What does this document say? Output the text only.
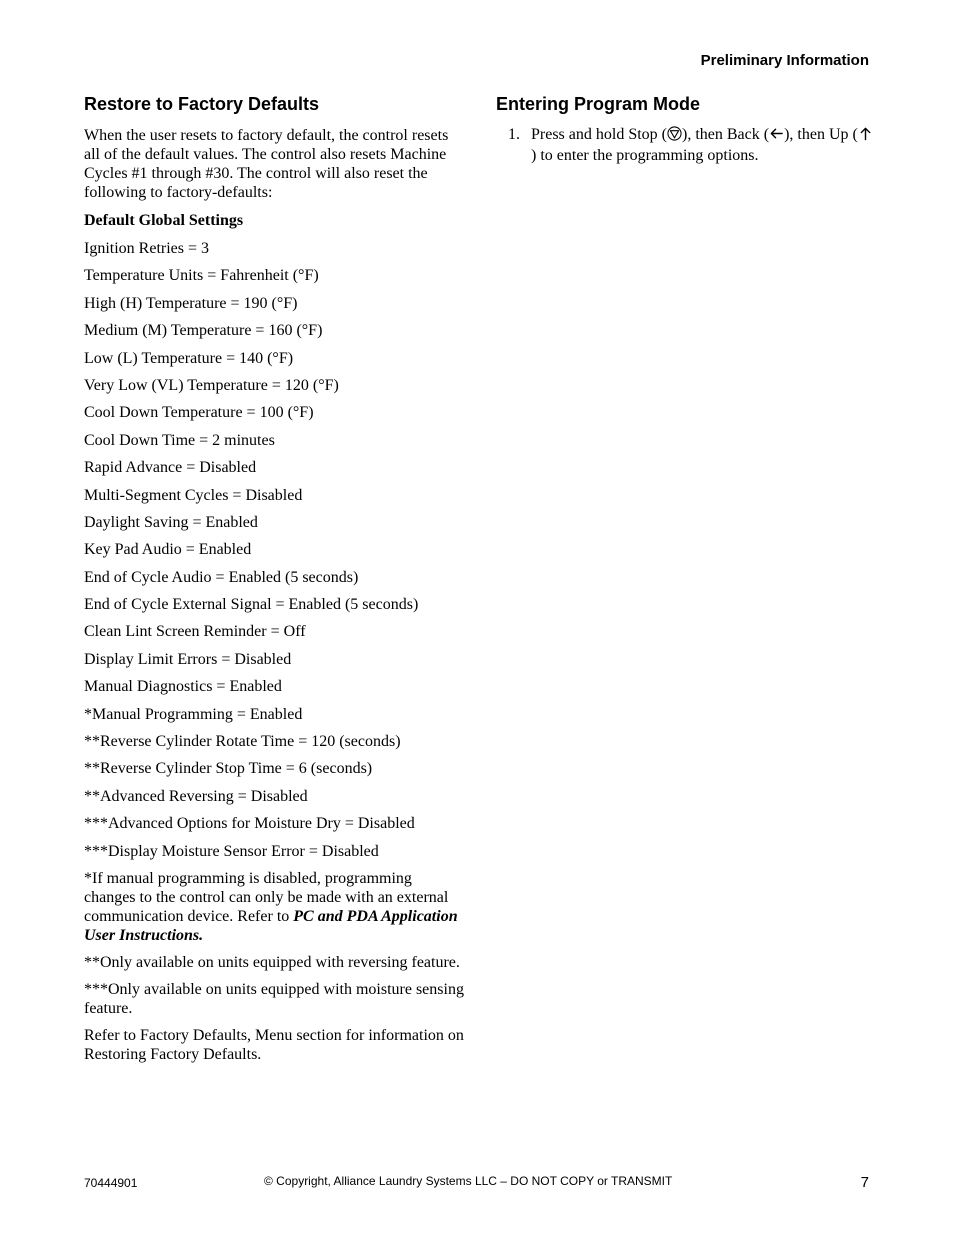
Preliminary Information
Restore to Factory Defaults

When the user resets to factory default, the control resets all of the default values. The control also resets Machine Cycles #1 through #30. The control will also reset the following to factory-defaults:

Default Global Settings

Ignition Retries = 3

Temperature Units = Fahrenheit (°F)

High (H) Temperature = 190 (°F)

Medium (M) Temperature = 160 (°F)

Low (L) Temperature = 140 (°F)

Very Low (VL) Temperature = 120 (°F)

Cool Down Temperature = 100 (°F)

Cool Down Time = 2 minutes

Rapid Advance = Disabled

Multi-Segment Cycles = Disabled

Daylight Saving = Enabled

Key Pad Audio = Enabled

End of Cycle Audio = Enabled (5 seconds)

End of Cycle External Signal = Enabled (5 seconds)

Clean Lint Screen Reminder = Off

Display Limit Errors = Disabled

Manual Diagnostics = Enabled

*Manual Programming = Enabled

**Reverse Cylinder Rotate Time = 120 (seconds)

**Reverse Cylinder Stop Time = 6 (seconds)

**Advanced Reversing = Disabled

***Advanced Options for Moisture Dry = Disabled

***Display Moisture Sensor Error = Disabled

*If manual programming is disabled, programming changes to the control can only be made with an external communication device. Refer to PC and PDA Application User Instructions.

**Only available on units equipped with reversing feature.

***Only available on units equipped with moisture sensing feature.

Refer to Factory Defaults, Menu section for information on Restoring Factory Defaults.

Entering Program Mode
1. Press and hold Stop ( ), then Back ( ), then Up (
) to enter the programming options.
70444901	© Copyright, Alliance Laundry Systems LLC – DO NOT COPY or TRANSMIT	7
